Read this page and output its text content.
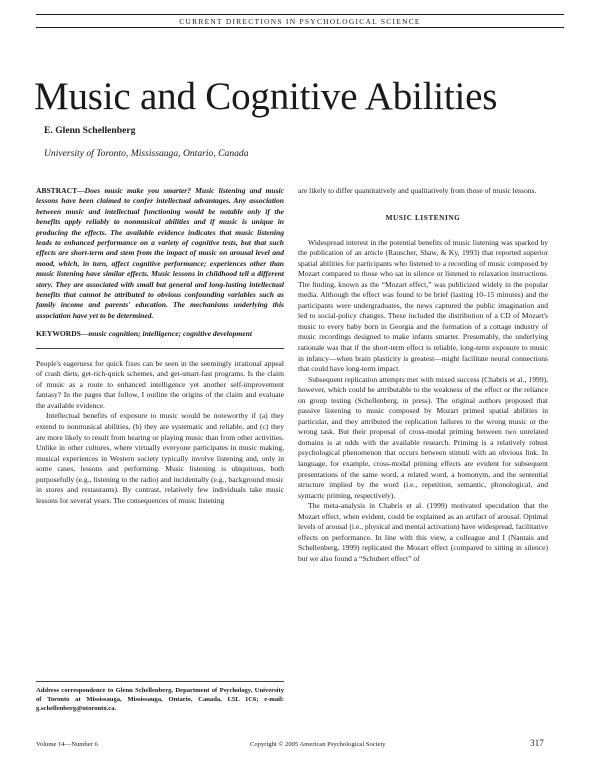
CURRENT DIRECTIONS IN PSYCHOLOGICAL SCIENCE
Music and Cognitive Abilities
E. Glenn Schellenberg
University of Toronto, Mississauga, Ontario, Canada

ABSTRACT—Does music make you smarter? Music listening and music lessons have been claimed to confer intellectual advantages. Any association between music and intellectual functioning would be notable only if the benefits apply reliably to nonmusical abilities and if music is unique in producing the effects. The available evidence indicates that music listening leads to enhanced performance on a variety of cognitive tests, but that such effects are short-term and stem from the impact of music on arousal level and mood, which, in turn, affect cognitive performance; experiences other than music listening have similar effects. Music lessons in childhood tell a different story. They are associated with small but general and long-lasting intellectual benefits that cannot be attributed to obvious confounding variables such as family income and parents' education. The mechanisms underlying this association have yet to be determined.

KEYWORDS—music cognition; intelligence; cognitive development

People's eagerness for quick fixes can be seen in the seemingly irrational appeal of crash diets, get-rich-quick schemes, and get-smart-fast programs. Is the claim of music as a route to enhanced intelligence yet another self-improvement fantasy? In the pages that follow, I outline the origins of the claim and evaluate the available evidence.

Intellectual benefits of exposure to music would be noteworthy if (a) they extend to nonmusical abilities, (b) they are systematic and reliable, and (c) they are more likely to result from hearing or playing music than from other activities. Unlike in other cultures, where virtually everyone participates in music making, musical experiences in Western society typically involve listening and, only in some cases, lessons and performing. Music listening is ubiquitous, both purposefully (e.g., listening to the radio) and incidentally (e.g., background music in stores and restaurants). By contrast, relatively few individuals take music lessons for several years. The consequences of music listening

are likely to differ quantitatively and qualitatively from those of music lessons.

MUSIC LISTENING

Widespread interest in the potential benefits of music listening was sparked by the publication of an article (Rauscher, Shaw, & Ky, 1993) that reported superior spatial abilities for participants who listened to a recording of music composed by Mozart compared to those who sat in silence or listened to relaxation instructions. The finding, known as the “Mozart effect,” was publicized widely in the popular media. Although the effect was found to be brief (lasting 10–15 minutes) and the participants were undergraduates, the news captured the public imagination and led to social-policy changes. These included the distribution of a CD of Mozart's music to every baby born in Georgia and the formation of a cottage industry of music recordings designed to make infants smarter. Presumably, the underlying rationale was that if the short-term effect is reliable, long-term exposure to music in infancy—when brain plasticity is greatest—might facilitate neural connections that could have long-term impact.

Subsequent replication attempts met with mixed success (Chabris et al., 1999), however, which could be attributable to the weakness of the effect or the reliance on group testing (Schellenberg, in press). The original authors proposed that passive listening to music composed by Mozart primed spatial abilities in particular, and they attributed the replication failures to the wrong music or the wrong task. But their proposal of cross-modal priming between two unrelated domains is at odds with the available research. Priming is a relatively robust psychological phenomenon that occurs between stimuli with an obvious link. In language, for example, cross-modal priming effects are evident for subsequent presentations of the same word, a related word, a homonym, and the sentential structure implied by the word (i.e., repetition, semantic, phonological, and syntactic priming, respectively).

The meta-analysis in Chabris et al. (1999) motivated speculation that the Mozart effect, when evident, could be explained as an artifact of arousal. Optimal levels of arousal (i.e., physical and mental activation) have widespread, facilitative effects on performance. In line with this view, a colleague and I (Nantais and Schellenberg, 1999) replicated the Mozart effect (compared to sitting in silence) but we also found a “Schubert effect” of

Address correspondence to Glenn Schellenberg, Department of Psychology, University of Toronto at Mississauga, Mississauga, Ontario, Canada, L5L 1C6; e-mail: g.schellenberg@utoronto.ca.
Volume 14—Number 6	Copyright © 2005 American Psychological Society	317
